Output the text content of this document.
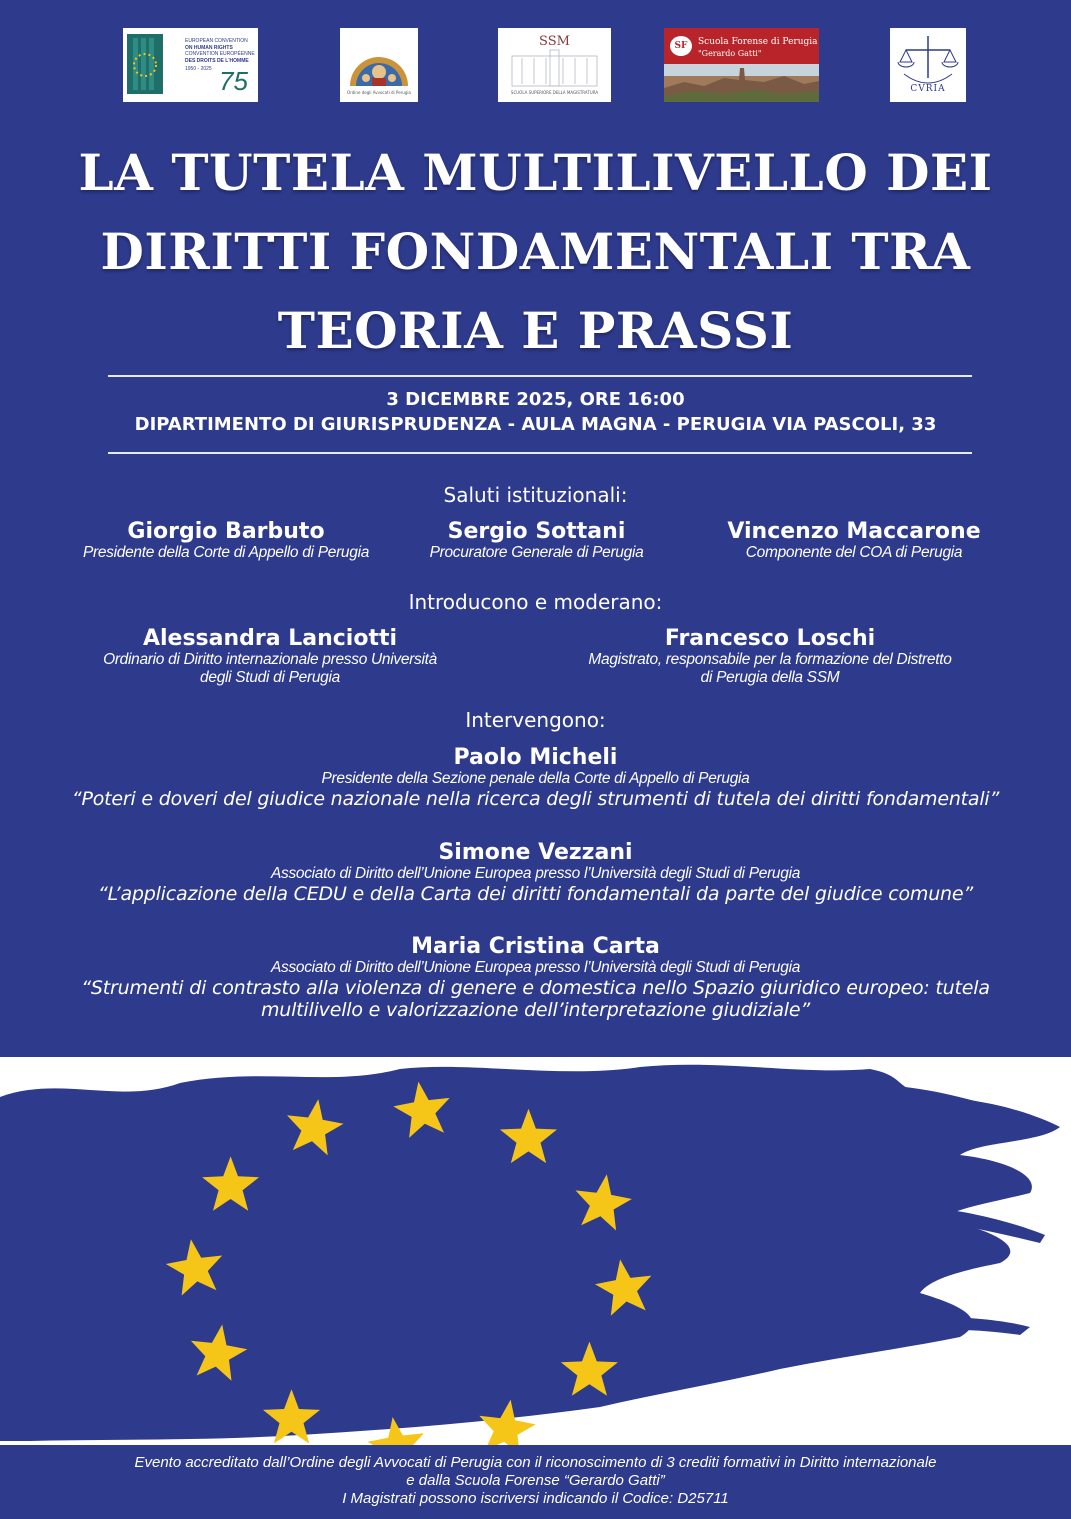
EUROPEAN CONVENTION
ON HUMAN RIGHTS
CONVENTION EUROPÉENNE
DES DROITS DE L'HOMME
1950 - 2025 75	Ordine degli Avvocati di Perugia
SSM
SCUOLA SUPERIORE DELLA MAGISTRATURA
SF	Scuola Forense di Perugia
"Gerardo Gatti"
CVRIA
LA TUTELA MULTILIVELLO DEI
DIRITTI FONDAMENTALI TRA
TEORIA E PRASSI
3 DICEMBRE 2025, ORE 16:00
DIPARTIMENTO DI GIURISPRUDENZA - AULA MAGNA - PERUGIA VIA PASCOLI, 33
Saluti istituzionali:
Giorgio Barbuto
Presidente della Corte di Appello di Perugia
Sergio Sottani
Procuratore Generale di Perugia
Vincenzo Maccarone
Componente del COA di Perugia
Introducono e moderano:
Alessandra Lanciotti
Ordinario di Diritto internazionale presso Università
degli Studi di Perugia
Francesco Loschi
Magistrato, responsabile per la formazione del Distretto
di Perugia della SSM
Intervengono:
Paolo Micheli
Presidente della Sezione penale della Corte di Appello di Perugia
“Poteri e doveri del giudice nazionale nella ricerca degli strumenti di tutela dei diritti fondamentali”
Simone Vezzani
Associato di Diritto dell’Unione Europea presso l’Università degli Studi di Perugia
“L’applicazione della CEDU e della Carta dei diritti fondamentali da parte del giudice comune”
Maria Cristina Carta
Associato di Diritto dell’Unione Europea presso l’Università degli Studi di Perugia
“Strumenti di contrasto alla violenza di genere e domestica nello Spazio giuridico europeo: tutela
multilivello e valorizzazione dell’interpretazione giudiziale”
Evento accreditato dall’Ordine degli Avvocati di Perugia con il riconoscimento di 3 crediti formativi in Diritto internazionale
e dalla Scuola Forense “Gerardo Gatti”
I Magistrati possono iscriversi indicando il Codice: D25711
